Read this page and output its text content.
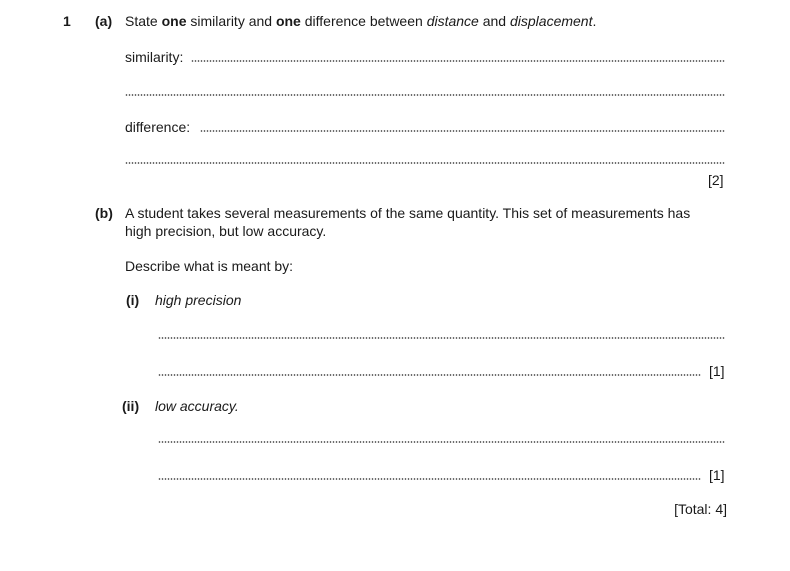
1 (a) State one similarity and one difference between distance and displacement.
similarity:
difference:
[2]
(b) A student takes several measurements of the same quantity. This set of measurements has
high precision, but low accuracy.
Describe what is meant by:
(i) high precision
[1]
(ii) low accuracy.
[1]
[Total: 4]
